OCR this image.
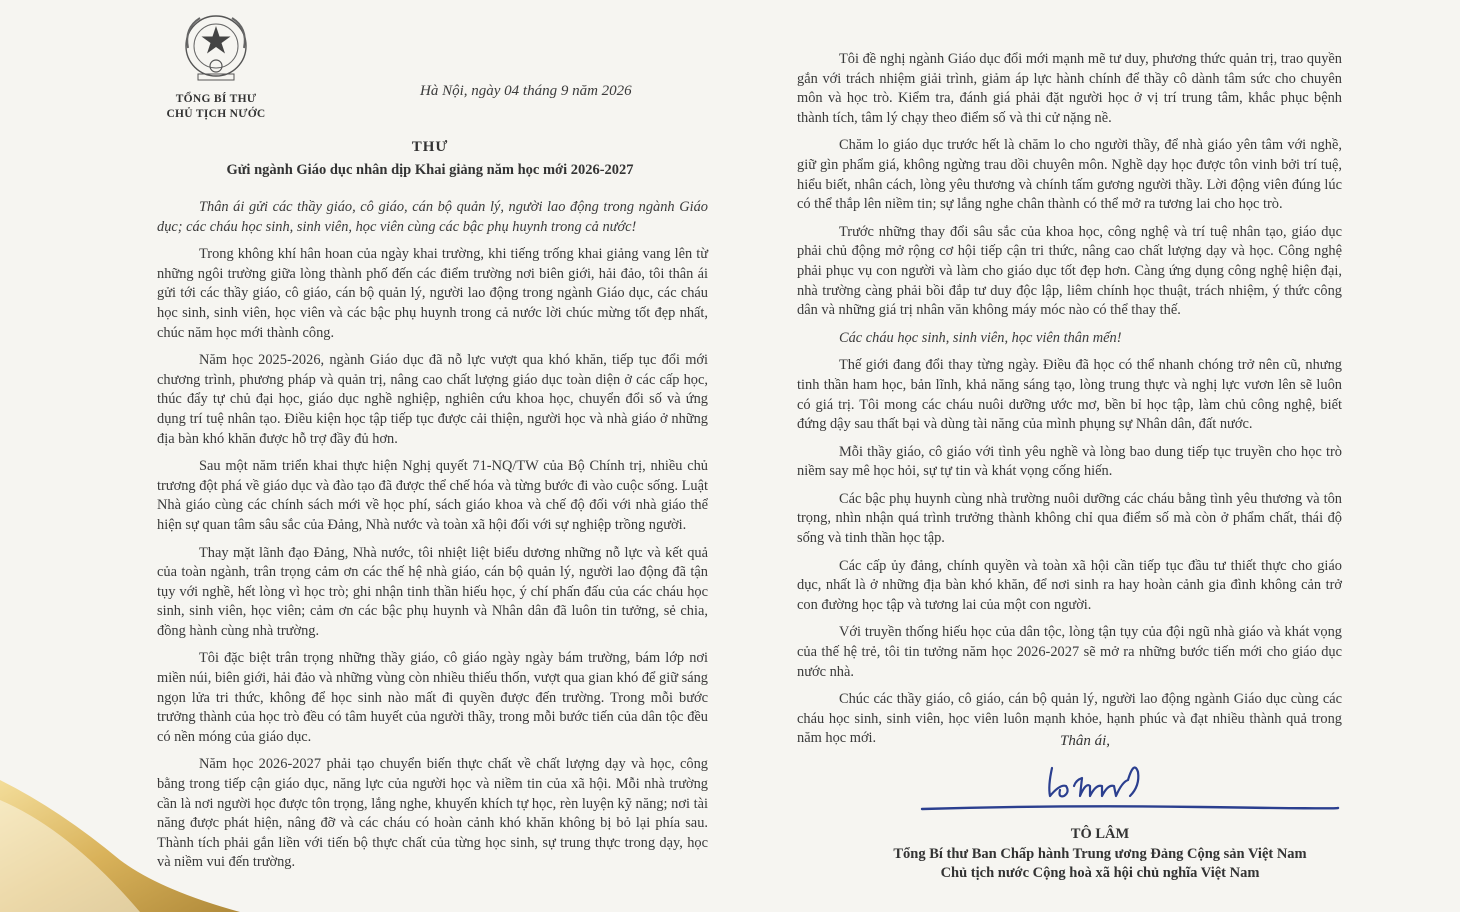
TỔNG BÍ THƯ
CHỦ TỊCH NƯỚC
Hà Nội, ngày 04 tháng 9 năm 2026
THƯ
Gửi ngành Giáo dục nhân dịp Khai giảng năm học mới 2026-2027

Thân ái gửi các thầy giáo, cô giáo, cán bộ quản lý, người lao động trong ngành Giáo dục; các cháu học sinh, sinh viên, học viên cùng các bậc phụ huynh trong cả nước!

Trong không khí hân hoan của ngày khai trường, khi tiếng trống khai giảng vang lên từ những ngôi trường giữa lòng thành phố đến các điểm trường nơi biên giới, hải đảo, tôi thân ái gửi tới các thầy giáo, cô giáo, cán bộ quản lý, người lao động trong ngành Giáo dục, các cháu học sinh, sinh viên, học viên và các bậc phụ huynh trong cả nước lời chúc mừng tốt đẹp nhất, chúc năm học mới thành công.

Năm học 2025-2026, ngành Giáo dục đã nỗ lực vượt qua khó khăn, tiếp tục đổi mới chương trình, phương pháp và quản trị, nâng cao chất lượng giáo dục toàn diện ở các cấp học, thúc đẩy tự chủ đại học, giáo dục nghề nghiệp, nghiên cứu khoa học, chuyển đổi số và ứng dụng trí tuệ nhân tạo. Điều kiện học tập tiếp tục được cải thiện, người học và nhà giáo ở những địa bàn khó khăn được hỗ trợ đầy đủ hơn.

Sau một năm triển khai thực hiện Nghị quyết 71-NQ/TW của Bộ Chính trị, nhiều chủ trương đột phá về giáo dục và đào tạo đã được thể chế hóa và từng bước đi vào cuộc sống. Luật Nhà giáo cùng các chính sách mới về học phí, sách giáo khoa và chế độ đối với nhà giáo thể hiện sự quan tâm sâu sắc của Đảng, Nhà nước và toàn xã hội đối với sự nghiệp trồng người.

Thay mặt lãnh đạo Đảng, Nhà nước, tôi nhiệt liệt biểu dương những nỗ lực và kết quả của toàn ngành, trân trọng cảm ơn các thế hệ nhà giáo, cán bộ quản lý, người lao động đã tận tụy với nghề, hết lòng vì học trò; ghi nhận tinh thần hiếu học, ý chí phấn đấu của các cháu học sinh, sinh viên, học viên; cảm ơn các bậc phụ huynh và Nhân dân đã luôn tin tưởng, sẻ chia, đồng hành cùng nhà trường.

Tôi đặc biệt trân trọng những thầy giáo, cô giáo ngày ngày bám trường, bám lớp nơi miền núi, biên giới, hải đảo và những vùng còn nhiều thiếu thốn, vượt qua gian khó để giữ sáng ngọn lửa tri thức, không để học sinh nào mất đi quyền được đến trường. Trong mỗi bước trưởng thành của học trò đều có tâm huyết của người thầy, trong mỗi bước tiến của dân tộc đều có nền móng của giáo dục.

Năm học 2026-2027 phải tạo chuyển biến thực chất về chất lượng dạy và học, công bằng trong tiếp cận giáo dục, năng lực của người học và niềm tin của xã hội. Mỗi nhà trường cần là nơi người học được tôn trọng, lắng nghe, khuyến khích tự học, rèn luyện kỹ năng; nơi tài năng được phát hiện, nâng đỡ và các cháu có hoàn cảnh khó khăn không bị bỏ lại phía sau. Thành tích phải gắn liền với tiến bộ thực chất của từng học sinh, sự trung thực trong dạy, học và niềm vui đến trường.

Tôi đề nghị ngành Giáo dục đổi mới mạnh mẽ tư duy, phương thức quản trị, trao quyền gắn với trách nhiệm giải trình, giảm áp lực hành chính để thầy cô dành tâm sức cho chuyên môn và học trò. Kiểm tra, đánh giá phải đặt người học ở vị trí trung tâm, khắc phục bệnh thành tích, tâm lý chạy theo điểm số và thi cử nặng nề.

Chăm lo giáo dục trước hết là chăm lo cho người thầy, để nhà giáo yên tâm với nghề, giữ gìn phẩm giá, không ngừng trau dồi chuyên môn. Nghề dạy học được tôn vinh bởi trí tuệ, hiểu biết, nhân cách, lòng yêu thương và chính tấm gương người thầy. Lời động viên đúng lúc có thể thắp lên niềm tin; sự lắng nghe chân thành có thể mở ra tương lai cho học trò.

Trước những thay đổi sâu sắc của khoa học, công nghệ và trí tuệ nhân tạo, giáo dục phải chủ động mở rộng cơ hội tiếp cận tri thức, nâng cao chất lượng dạy và học. Công nghệ phải phục vụ con người và làm cho giáo dục tốt đẹp hơn. Càng ứng dụng công nghệ hiện đại, nhà trường càng phải bồi đắp tư duy độc lập, liêm chính học thuật, trách nhiệm, ý thức công dân và những giá trị nhân văn không máy móc nào có thể thay thế.

Các cháu học sinh, sinh viên, học viên thân mến!

Thế giới đang đổi thay từng ngày. Điều đã học có thể nhanh chóng trở nên cũ, nhưng tinh thần ham học, bản lĩnh, khả năng sáng tạo, lòng trung thực và nghị lực vươn lên sẽ luôn có giá trị. Tôi mong các cháu nuôi dưỡng ước mơ, bền bỉ học tập, làm chủ công nghệ, biết đứng dậy sau thất bại và dùng tài năng của mình phụng sự Nhân dân, đất nước.

Mỗi thầy giáo, cô giáo với tình yêu nghề và lòng bao dung tiếp tục truyền cho học trò niềm say mê học hỏi, sự tự tin và khát vọng cống hiến.

Các bậc phụ huynh cùng nhà trường nuôi dưỡng các cháu bằng tình yêu thương và tôn trọng, nhìn nhận quá trình trưởng thành không chỉ qua điểm số mà còn ở phẩm chất, thái độ sống và tinh thần học tập.

Các cấp ủy đảng, chính quyền và toàn xã hội cần tiếp tục đầu tư thiết thực cho giáo dục, nhất là ở những địa bàn khó khăn, để nơi sinh ra hay hoàn cảnh gia đình không cản trở con đường học tập và tương lai của một con người.

Với truyền thống hiếu học của dân tộc, lòng tận tụy của đội ngũ nhà giáo và khát vọng của thế hệ trẻ, tôi tin tưởng năm học 2026-2027 sẽ mở ra những bước tiến mới cho giáo dục nước nhà.

Chúc các thầy giáo, cô giáo, cán bộ quản lý, người lao động ngành Giáo dục cùng các cháu học sinh, sinh viên, học viên luôn mạnh khỏe, hạnh phúc và đạt nhiều thành quả trong năm học mới.	Thân ái,
TÔ LÂM
Tổng Bí thư Ban Chấp hành Trung ương Đảng Cộng sản Việt Nam
Chủ tịch nước Cộng hoà xã hội chủ nghĩa Việt Nam
